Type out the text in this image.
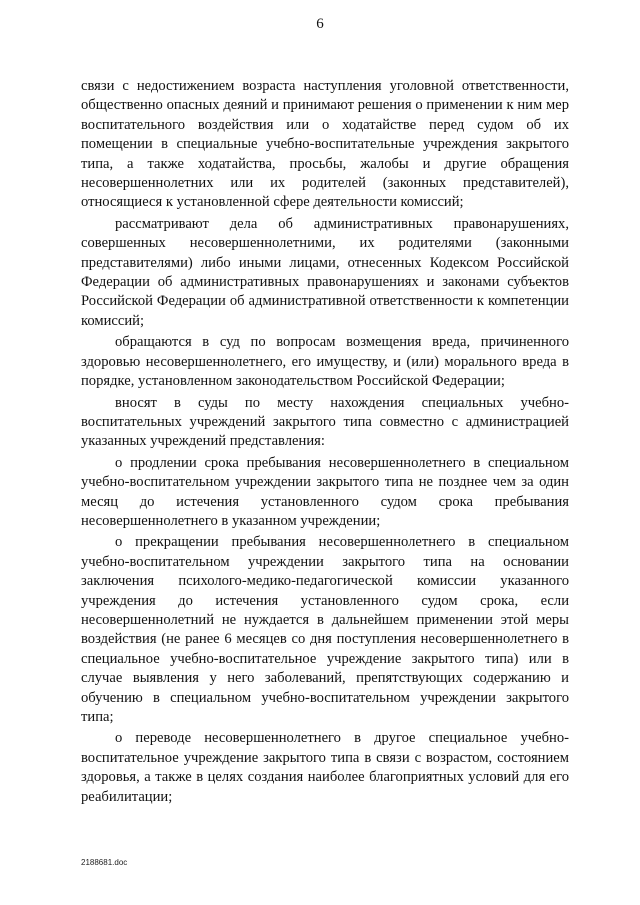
6

связи с недостижением возраста наступления уголовной ответственности, общественно опасных деяний и принимают решения о применении к ним мер воспитательного воздействия или о ходатайстве перед судом об их помещении в специальные учебно-воспитательные учреждения закрытого типа, а также ходатайства, просьбы, жалобы и другие обращения несовершеннолетних или их родителей (законных представителей), относящиеся к установленной сфере деятельности комиссий;

рассматривают дела об административных правонарушениях, совершенных несовершеннолетними, их родителями (законными представителями) либо иными лицами, отнесенных Кодексом Российской Федерации об административных правонарушениях и законами субъектов Российской Федерации об административной ответственности к компетенции комиссий;

обращаются в суд по вопросам возмещения вреда, причиненного здоровью несовершеннолетнего, его имуществу, и (или) морального вреда в порядке, установленном законодательством Российской Федерации;

вносят в суды по месту нахождения специальных учебно-воспитательных учреждений закрытого типа совместно с администрацией указанных учреждений представления:

о продлении срока пребывания несовершеннолетнего в специальном учебно-воспитательном учреждении закрытого типа не позднее чем за один месяц до истечения установленного судом срока пребывания несовершеннолетнего в указанном учреждении;

о прекращении пребывания несовершеннолетнего в специальном учебно-воспитательном учреждении закрытого типа на основании заключения психолого-медико-педагогической комиссии указанного учреждения до истечения установленного судом срока, если несовершеннолетний не нуждается в дальнейшем применении этой меры воздействия (не ранее 6 месяцев со дня поступления несовершеннолетнего в специальное учебно-воспитательное учреждение закрытого типа) или в случае выявления у него заболеваний, препятствующих содержанию и обучению в специальном учебно-воспитательном учреждении закрытого типа;

о переводе несовершеннолетнего в другое специальное учебно-воспитательное учреждение закрытого типа в связи с возрастом, состоянием здоровья, а также в целях создания наиболее благоприятных условий для его реабилитации;

2188681.doc
